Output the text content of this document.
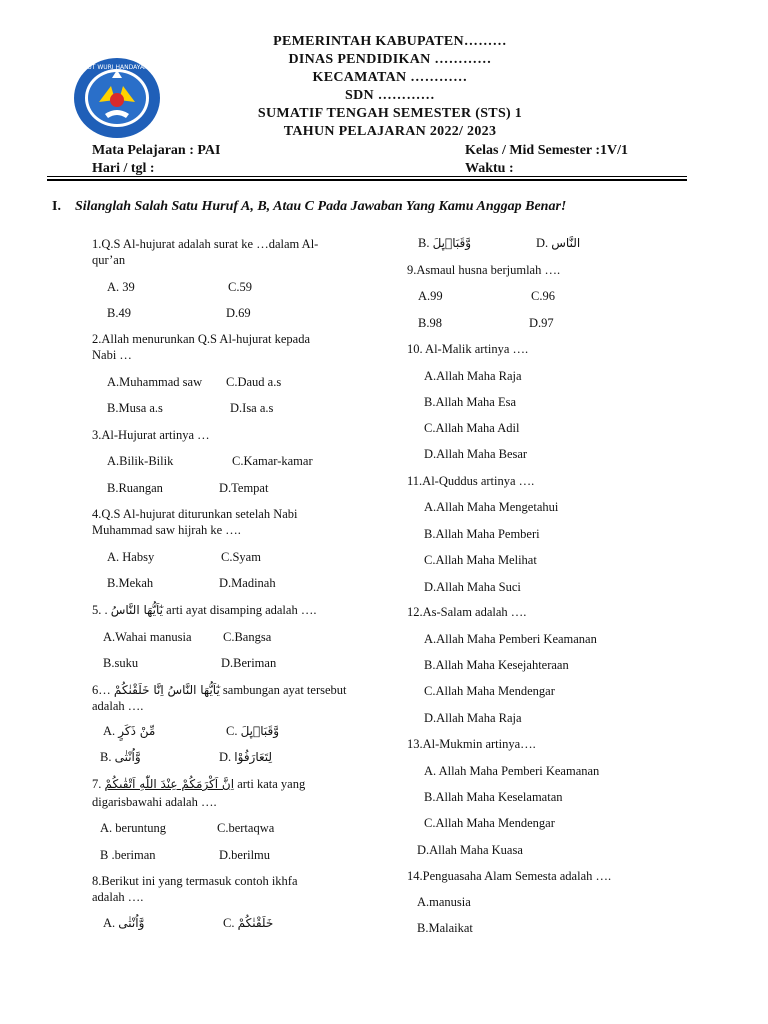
TUT WURI HANDAYANI
PEMERINTAH KABUPATEN………
DINAS PENDIDIKAN …………
KECAMATAN …………
SDN …………
SUMATIF TENGAH SEMESTER (STS) 1
TAHUN PELAJARAN 2022/ 2023
Mata Pelajaran : PAI	Kelas / Mid Semester :1V/1
Hari / tgl :	Waktu :
I. Silanglah Salah Satu Huruf A, B, Atau C Pada Jawaban Yang Kamu Anggap Benar!
1.Q.S Al-hujurat adalah surat ke …dalam Al-
qur’an
A. 39	C.59
B.49	D.69
2.Allah menurunkan Q.S Al-hujurat kepada
Nabi …
A.Muhammad saw C.Daud a.s
B.Musa a.s	D.Isa a.s
3.Al-Hujurat artinya …
A.Bilik-Bilik	C.Kamar-kamar
B.Ruangan	D.Tempat
4.Q.S Al-hujurat diturunkan setelah Nabi
Muhammad saw hijrah ke ….
A. Habsy	C.Syam
B.Mekah	D.Madinah
5. . يٰٓاَيُّهَا النَّاسُ arti ayat disamping adalah ….
A.Wahai manusia	C.Bangsa
B.suku	D.Beriman
6… يٰٓاَيُّهَا النَّاسُ اِنَّا خَلَقْنٰكُمْ sambungan ayat tersebut
adalah ….
A. مِّنْ ذَكَرٍ	C. وَّقَبَاۤىِٕلَ
B. وَّاُنْثٰى	D. لِتَعَارَفُوْا
7. اِنَّ اَكْرَمَكُمْ عِنْدَ اللّٰهِ اَتْقٰىكُمْ arti kata yang
digarisbawahi adalah ….
A. beruntung	C.bertaqwa
B .beriman	D.berilmu
8.Berikut ini yang termasuk contoh ikhfa
adalah ….
A. وَّاُنْثٰى	C. خَلَقْنٰكُمْ
B. وَّقَبَاۤىِٕلَ	D. النَّاس
9.Asmaul husna berjumlah ….
A.99	C.96
B.98	D.97
10. Al-Malik artinya ….
A.Allah Maha Raja
B.Allah Maha Esa
C.Allah Maha Adil
D.Allah Maha Besar
11.Al-Quddus artinya ….
A.Allah Maha Mengetahui
B.Allah Maha Pemberi
C.Allah Maha Melihat
D.Allah Maha Suci
12.As-Salam adalah ….
A.Allah Maha Pemberi Keamanan
B.Allah Maha Kesejahteraan
C.Allah Maha Mendengar
D.Allah Maha Raja
13.Al-Mukmin artinya….
A. Allah Maha Pemberi Keamanan
B.Allah Maha Keselamatan
C.Allah Maha Mendengar
D.Allah Maha Kuasa
14.Penguasaha Alam Semesta adalah ….
A.manusia
B.Malaikat
